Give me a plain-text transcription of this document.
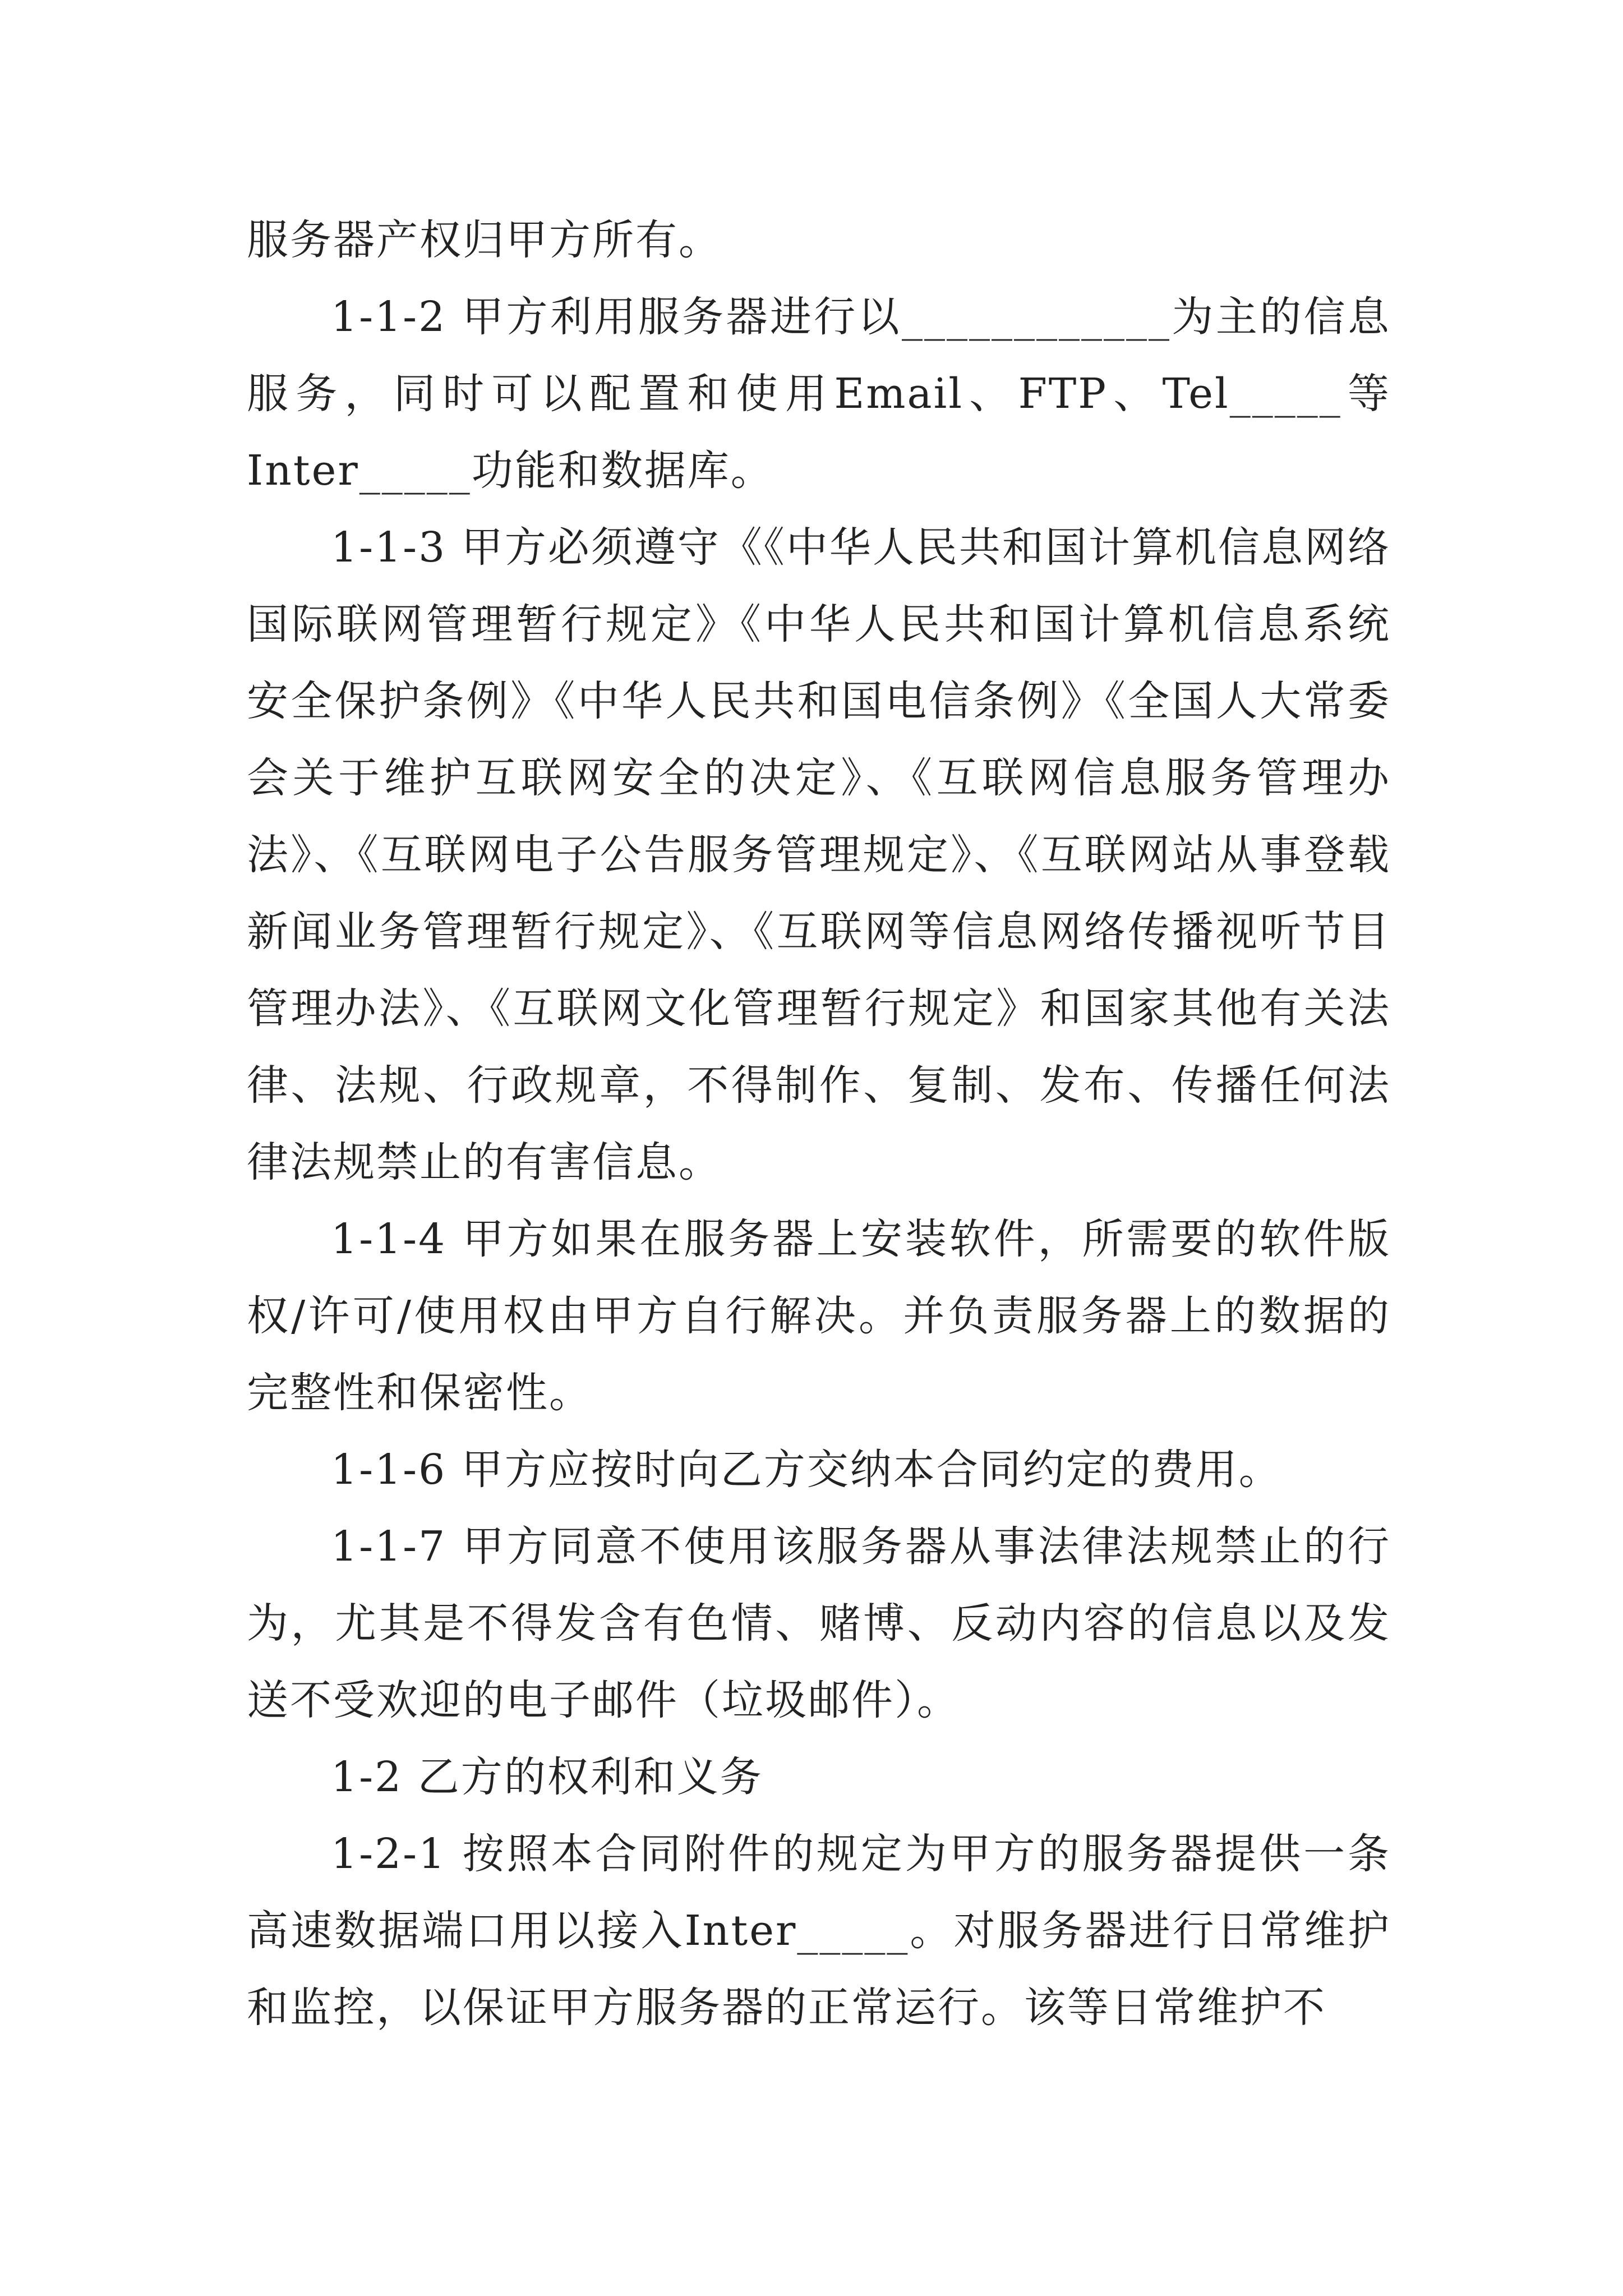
服务器产权归甲方所有。

1-1-2 甲方利用服务器进行以____________为主的信息服务，同时可以配置和使用Email、FTP、Tel_____等Inter_____功能和数据库。

1-1-3 甲方必须遵守《《中华人民共和国计算机信息网络国际联网管理暂行规定》《中华人民共和国计算机信息系统安全保护条例》《中华人民共和国电信条例》《全国人大常委会关于维护互联网安全的决定》、《互联网信息服务管理办法》、《互联网电子公告服务管理规定》、《互联网站从事登载新闻业务管理暂行规定》、《互联网等信息网络传播视听节目管理办法》、《互联网文化管理暂行规定》和国家其他有关法律、法规、行政规章，不得制作、复制、发布、传播任何法律法规禁止的有害信息。

1-1-4 甲方如果在服务器上安装软件，所需要的软件版权/许可/使用权由甲方自行解决。并负责服务器上的数据的完整性和保密性。

1-1-6 甲方应按时向乙方交纳本合同约定的费用。

1-1-7 甲方同意不使用该服务器从事法律法规禁止的行为，尤其是不得发含有色情、赌博、反动内容的信息以及发送不受欢迎的电子邮件（垃圾邮件）。

1-2 乙方的权利和义务

1-2-1 按照本合同附件的规定为甲方的服务器提供一条高速数据端口用以接入Inter_____。对服务器进行日常维护和监控，以保证甲方服务器的正常运行。该等日常维护不
